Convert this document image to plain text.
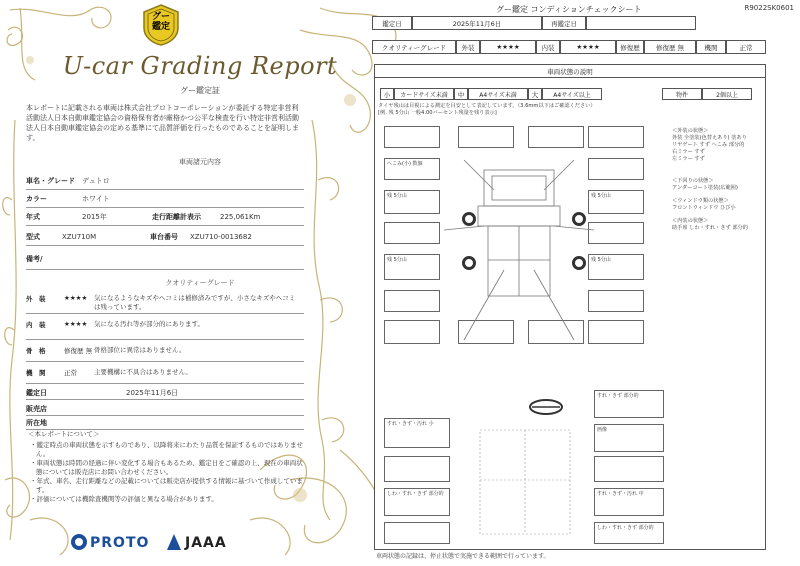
グー
鑑定
U-car Grading Report
グー鑑定証
本レポートに記載される車両は株式会社プロトコーポレーションが委託する特定非営利活動法人日本自動車鑑定協会の資格保有者が厳格かつ公平な検査を行い特定非営利活動法人日本自動車鑑定協会の定める基準にて品質評価を行ったものであることを証明します。
車両諸元内容
車名・グレード	デュトロ
カラー	ホワイト
年式	2015年	走行距離計表示	225,061Km
型式	XZU710M	車台番号	XZU710-0013682
備考/
クオリティーグレード
外　装	★★★★	気になるようなキズやヘコミは補修済みですが、小さなキズやヘコミは残っています。
内　装	★★★★	気になる汚れ等が部分的にあります。
骨　格	修復歴 無 骨格部位に異常はありません。
機　関	正常	主要機構に不具合はありません。
鑑定日	2025年11月6日
販売店
所在地
＜本レポートについて＞
・鑑定時点の車両状態を示すものであり、以降将来にわたり品質を保証するものではありません。
・車両状態は時間の経過に伴い変化する場合もあるため、鑑定日をご確認の上、現在の車両状態については販売店にお問い合わせください。
・年式、車名、走行距離などの記載については販売店が提供する情報に基づいて作成しています。
・評価については機除査機関等の評価と異なる場合があります。
PROTO	JAAA
グー鑑定 コンディションチェックシート	R9022SK0601
鑑定日	2025年11月6日	再鑑定日
クオリティーグレード 外装	★★★★	内装	★★★★	修復歴 修復歴 無	機関	正常
車両状態の説明
小 カードサイズ未満 中	A4サイズ未満 大	A4サイズ以上	物件	2個以上
タイヤ残山は目視による測定を目安として表記しています。（3.6mm以下はご確認ください）
[例. 残 5分山 一般4.00バーセント残量を残り表示]
へこみ(小) 数個
残 5分山
残 5分山
すれ・きず・汚れ 小
しわ・すれ・きず 部分的
残 5分山
残 5分山
すれ・きず 部分的
画像
すれ・きず・汚れ 中
しわ・すれ・きず 部分的
＜外装の状態＞
外装 全塗装(色替えあり) 塗あり
リヤゲート すず へこみ 部分的
右ミラー すず
左ミラー すず
＜下回りの状態＞
アンダーコート塗装(広範囲)
＜ウィンドウ類の状態＞
フロントウィンドウ ひび小
＜内装の状態＞
助手席 しわ・すれ・きず 部分的
車両状態の記録は、停止状態で実施できる範囲で行っています。
